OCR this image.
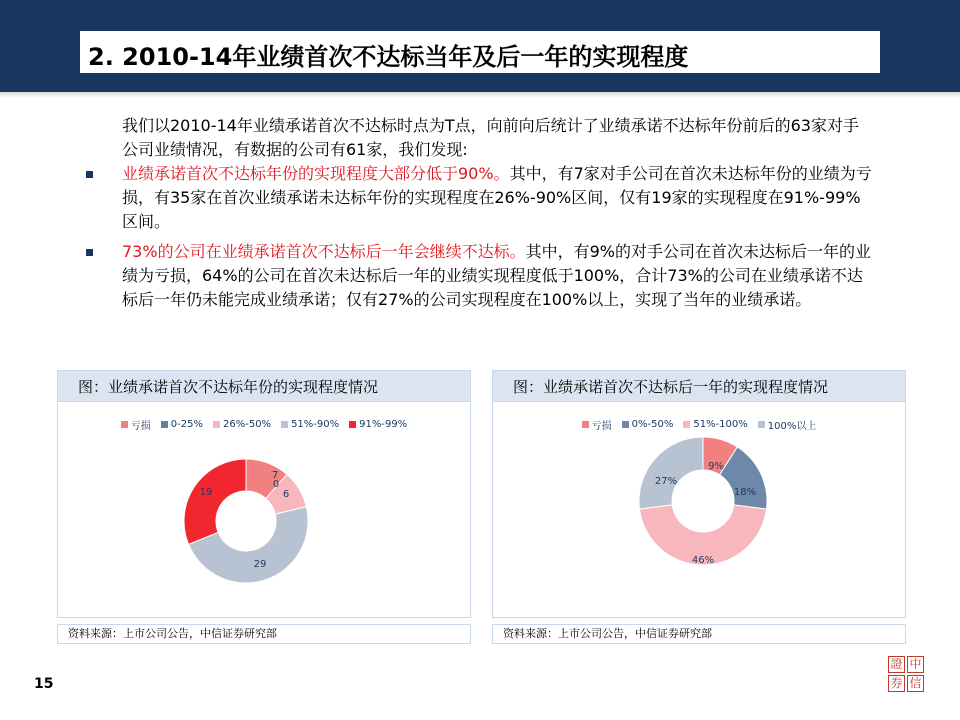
2. 2010-14年业绩首次不达标当年及后一年的实现程度

我们以2010-14年业绩承诺首次不达标时点为T点，向前向后统计了业绩承诺不达标年份前后的63家对手公司业绩情况，有数据的公司有61家，我们发现:

业绩承诺首次不达标年份的实现程度大部分低于90%。其中，有7家对手公司在首次未达标年份的业绩为亏损，有35家在首次业绩承诺未达标年份的实现程度在26%-90%区间，仅有19家的实现程度在91%-99%区间。
73%的公司在业绩承诺首次不达标后一年会继续不达标。其中，有9%的对手公司在首次未达标后一年的业绩为亏损，64%的公司在首次未达标后一年的业绩实现程度低于100%，合计73%的公司在业绩承诺不达标后一年仍未能完成业绩承诺；仅有27%的公司实现程度在100%以上，实现了当年的业绩承诺。
图：业绩承诺首次不达标年份的实现程度情况
亏损 0-25% 26%-50% 51%-90% 91%-99%
7
0
6
29
19
图：业绩承诺首次不达标后一年的实现程度情况
亏损 0%-50% 51%-100% 100%以上
9%
18%
46%
27%
资料来源：上市公司公告，中信证券研究部	资料来源：上市公司公告，中信证券研究部
15
中
信
證
券
